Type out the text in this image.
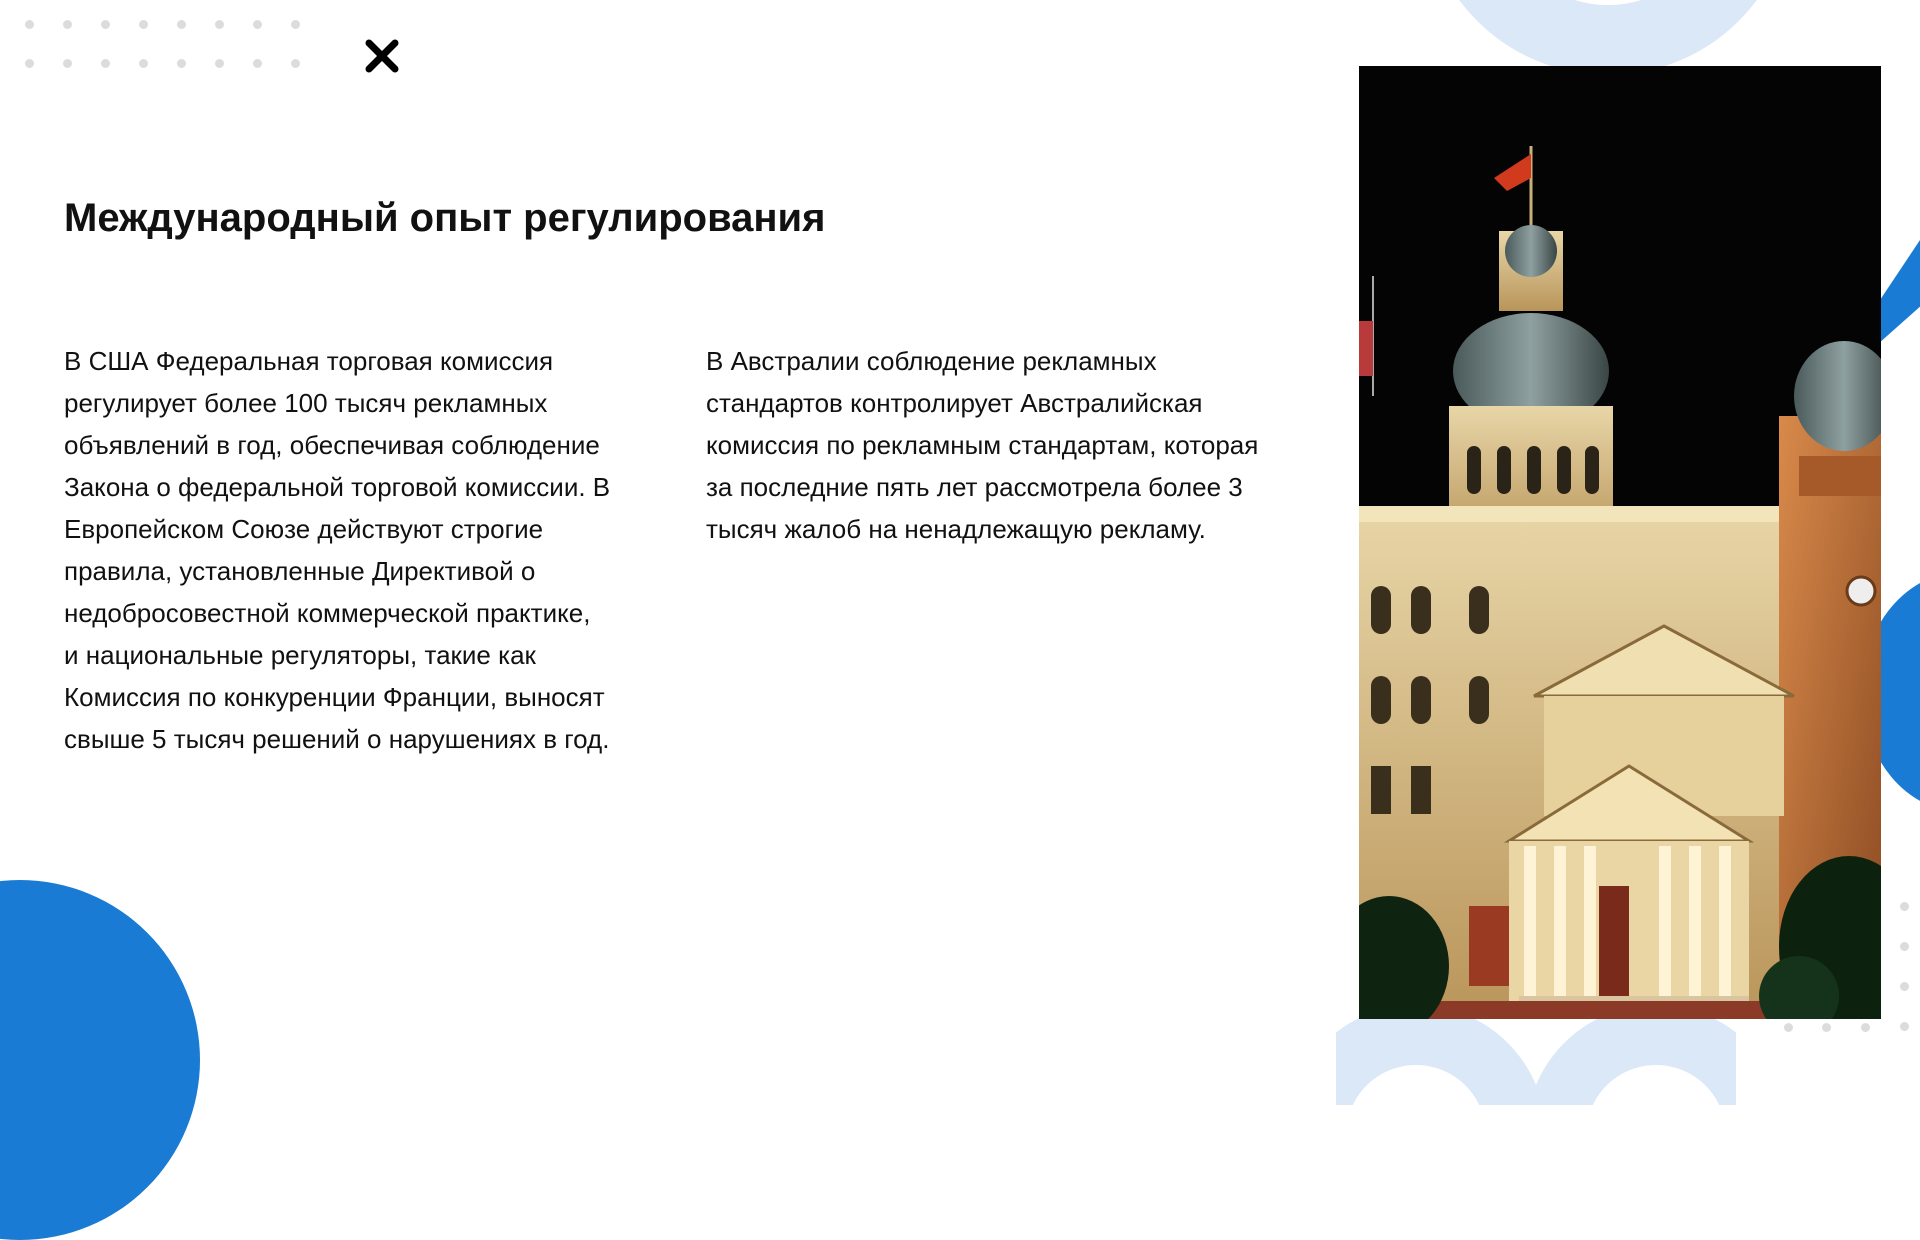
Международный опыт регулирования
В США Федеральная торговая комиссия
регулирует более 100 тысяч рекламных
объявлений в год, обеспечивая соблюдение
Закона о федеральной торговой комиссии. В
Европейском Союзе действуют строгие
правила, установленные Директивой о
недобросовестной коммерческой практике,
и национальные регуляторы, такие как
Комиссия по конкуренции Франции, выносят
свыше 5 тысяч решений о нарушениях в год.
В Австралии соблюдение рекламных
стандартов контролирует Австралийская
комиссия по рекламным стандартам, которая
за последние пять лет рассмотрела более 3
тысяч жалоб на ненадлежащую рекламу.
